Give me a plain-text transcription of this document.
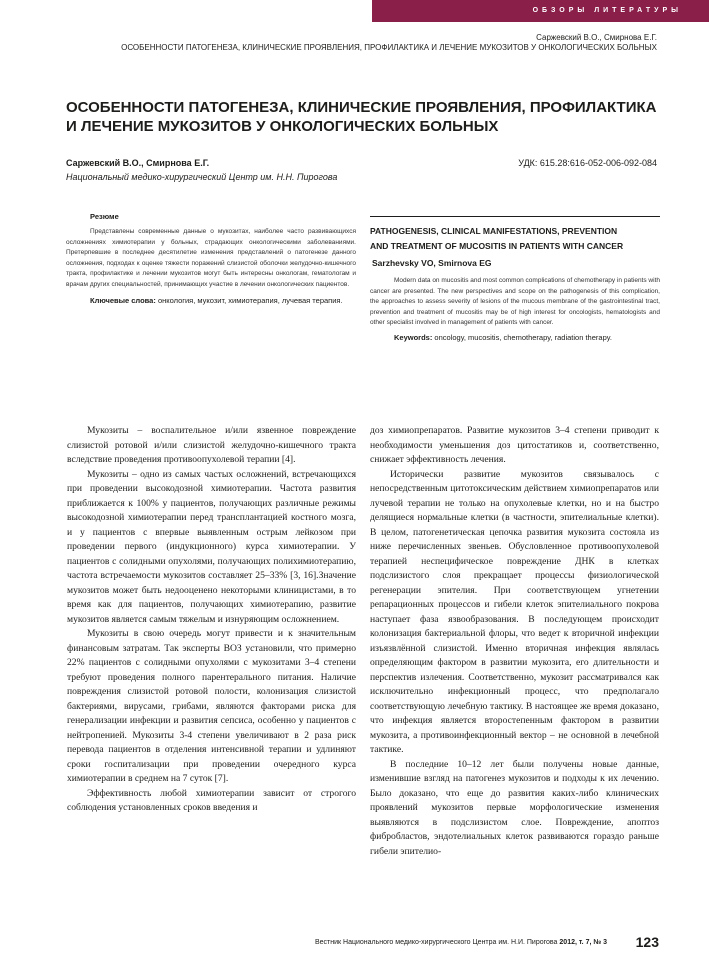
ОБЗОРЫ ЛИТЕРАТУРЫ
Саржевский В.О., Смирнова Е.Г.
ОСОБЕННОСТИ ПАТОГЕНЕЗА, КЛИНИЧЕСКИЕ ПРОЯВЛЕНИЯ, ПРОФИЛАКТИКА И ЛЕЧЕНИЕ МУКОЗИТОВ У ОНКОЛОГИЧЕСКИХ БОЛЬНЫХ
ОСОБЕННОСТИ ПАТОГЕНЕЗА, КЛИНИЧЕСКИЕ ПРОЯВЛЕНИЯ, ПРОФИЛАКТИКА
И ЛЕЧЕНИЕ МУКОЗИТОВ У ОНКОЛОГИЧЕСКИХ БОЛЬНЫХ
Саржевский В.О., Смирнова Е.Г.
Национальный медико-хирургический Центр им. Н.Н. Пирогова
УДК: 615.28:616-052-006-092-084
Резюме
Представлены современные данные о мукозитах, наиболее часто развивающихся осложнениях химиотерапии у больных, страдающих онкологическими заболеваниями. Претерпевшие в последнее десятилетие изменения представлений о патогенезе данного осложнения, подходах к оценке тяжести поражений слизистой оболочки желудочно-кишечного тракта, профилактике и лечении мукозитов могут быть интересны онкологам, гематологам и врачам других специальностей, принимающих участие в лечении онкологических пациентов.
Ключевые слова: онкология, мукозит, химиотерапия, лучевая терапия.
PATHOGENESIS, CLINICAL MANIFESTATIONS, PREVENTION
AND TREATMENT OF MUCOSITIS IN PATIENTS WITH CANCER
Sarzhevsky VO, Smirnova EG
Modern data on mucositis and most common complications of chemotherapy in patients with cancer are presented. The new perspectives and scope on the pathogenesis of this complication, the approaches to assess severity of lesions of the mucous membrane of the gastrointestinal tract, prevention and treatment of mucositis may be of high interest for oncologists, hematologists and other specialist involved in management of patients with cancer.
Keywords: oncology, mucositis, chemotherapy, radiation therapy.

Мукозиты – воспалительное и/или язвенное повреждение слизистой ротовой и/или слизистой желудочно-кишечного тракта вследствие проведения противоопухолевой терапии [4].

Мукозиты – одно из самых частых осложнений, встречающихся при проведении высокодозной химиотерапии. Частота развития приближается к 100% у пациентов, получающих различные режимы высокодозной химиотерапии перед трансплантацией костного мозга, и у пациентов с впервые выявленным острым лейкозом при проведении первого (индукционного) курса химиотерапии. У пациентов с солидными опухолями, получающих полихимиотерапию, частота встречаемости мукозитов составляет 25–33% [3, 16].Значение мукозитов может быть недооценено некоторыми клиницистами, в то время как для пациентов, получающих химиотерапию, развитие мукозитов является самым тяжелым и изнуряющим осложнением.

Мукозиты в свою очередь могут привести и к значительным финансовым затратам. Так эксперты ВОЗ установили, что примерно 22% пациентов с солидными опухолями с мукозитами 3–4 степени требуют проведения полного парентерального питания. Наличие повреждения слизистой ротовой полости, колонизация слизистой бактериями, вирусами, грибами, являются факторами риска для генерализации инфекции и развития сепсиса, особенно у пациентов с нейтропенией. Мукозиты 3-4 степени увеличивают в 2 раза риск перевода пациентов в отделения интенсивной терапии и удлиняют сроки госпитализации при проведении очередного курса химиотерапии в среднем на 7 суток [7].

Эффективность любой химиотерапии зависит от строгого соблюдения установленных сроков введения и

доз химиопрепаратов. Развитие мукозитов 3–4 степени приводит к необходимости уменьшения доз цитостатиков и, соответственно, снижает эффективность лечения.

Исторически развитие мукозитов связывалось с непосредственным цитотоксическим действием химиопрепаратов или лучевой терапии не только на опухолевые клетки, но и на быстро делящиеся нормальные клетки (в частности, эпителиальные клетки). В целом, патогенетическая цепочка развития мукозита состояла из ниже перечисленных звеньев. Обусловленное противоопухолевой терапией неспецифическое повреждение ДНК в клетках подслизистого слоя прекращает процессы физиологической регенерации эпителия. При соответствующем угнетении репарационных процессов и гибели клеток эпителиального покрова наступает фаза язвообразования. В последующем происходит колонизация бактериальной флоры, что ведет к вторичной инфекции изъязвлённой слизистой. Именно вторичная инфекция являлась определяющим фактором в развитии мукозита, его длительности и перспектив излечения. Соответственно, мукозит рассматривался как исключительно инфекционный процесс, что предполагало соответствующую лечебную тактику. В настоящее же время доказано, что инфекция является второстепенным фактором в развитии мукозита, а противоинфекционный вектор – не основной в лечебной тактике.

В последние 10–12 лет были получены новые данные, изменившие взгляд на патогенез мукозитов и подходы к их лечению. Было доказано, что еще до развития каких-либо клинических проявлений мукозитов первые морфологические изменения выявляются в подслизистом слое. Повреждение, апоптоз фибробластов, эндотелиальных клеток развиваются гораздо раньше гибели эпителио-

Вестник Национального медико-хирургического Центра им. Н.И. Пирогова 2012, т. 7, № 3 123
